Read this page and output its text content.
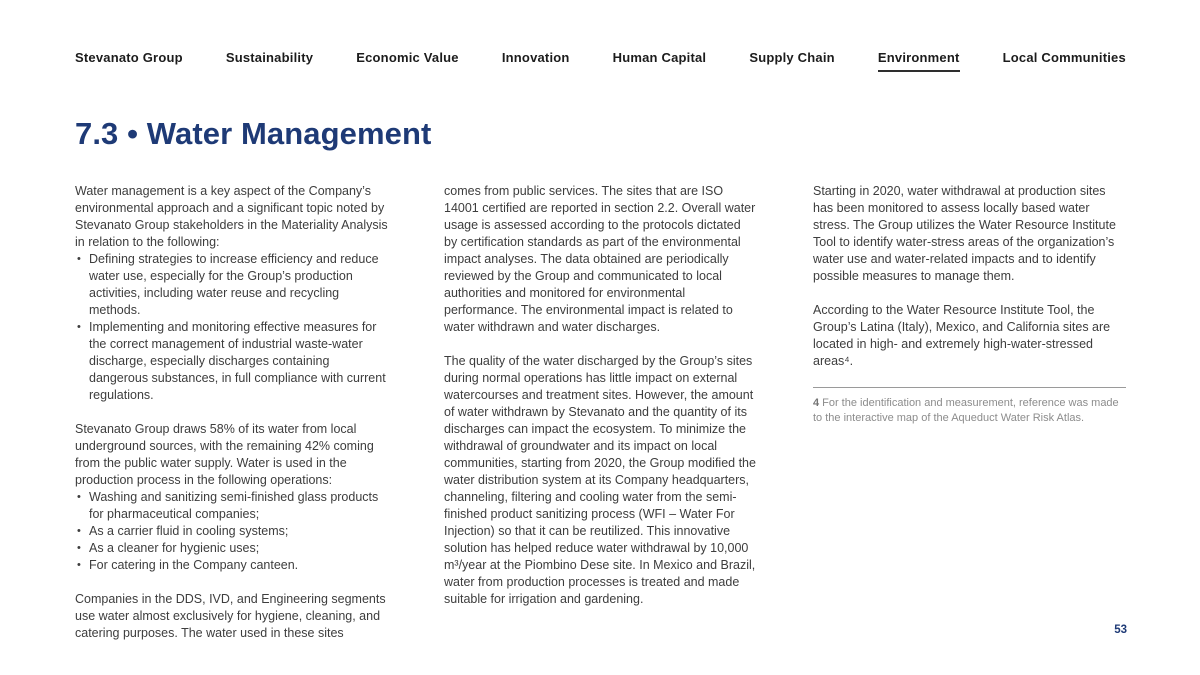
Stevanato Group	Sustainability	Economic Value	Innovation	Human Capital	Supply Chain	Environment	Local Communities
7.3 • Water Management

Water management is a key aspect of the Company’s environmental approach and a significant topic noted by Stevanato Group stakeholders in the Materiality Analysis in relation to the following:

• Defining strategies to increase efficiency and reduce water use, especially for the Group’s production activities, including water reuse and recycling methods.
• Implementing and monitoring effective measures for the correct management of industrial waste-water discharge, especially discharges containing dangerous substances, in full compliance with current regulations.

Stevanato Group draws 58% of its water from local underground sources, with the remaining 42% coming from the public water supply. Water is used in the production process in the following operations:

• Washing and sanitizing semi-finished glass products for pharmaceutical companies;
• As a carrier fluid in cooling systems;
• As a cleaner for hygienic uses;
• For catering in the Company canteen.

Companies in the DDS, IVD, and Engineering segments use water almost exclusively for hygiene, cleaning, and catering purposes. The water used in these sites

comes from public services. The sites that are ISO 14001 certified are reported in section 2.2. Overall water usage is assessed according to the protocols dictated by certification standards as part of the environmental impact analyses. The data obtained are periodically reviewed by the Group and communicated to local authorities and monitored for environmental performance. The environmental impact is related to water withdrawn and water discharges.

The quality of the water discharged by the Group’s sites during normal operations has little impact on external watercourses and treatment sites. However, the amount of water withdrawn by Stevanato and the quantity of its discharges can impact the ecosystem. To minimize the withdrawal of groundwater and its impact on local communities, starting from 2020, the Group modified the water distribution system at its Company headquarters, channeling, filtering and cooling water from the semi-finished product sanitizing process (WFI – Water For Injection) so that it can be reutilized. This innovative solution has helped reduce water withdrawal by 10,000 m³/year at the Piombino Dese site. In Mexico and Brazil, water from production processes is treated and made suitable for irrigation and gardening.

Starting in 2020, water withdrawal at production sites has been monitored to assess locally based water stress. The Group utilizes the Water Resource Institute Tool to identify water-stress areas of the organization’s water use and water-related impacts and to identify possible measures to manage them.

According to the Water Resource Institute Tool, the Group’s Latina (Italy), Mexico, and California sites are located in high- and extremely high-water-stressed areas⁴.

4 For the identification and measurement, reference was made to the interactive map of the Aqueduct Water Risk Atlas.
53
